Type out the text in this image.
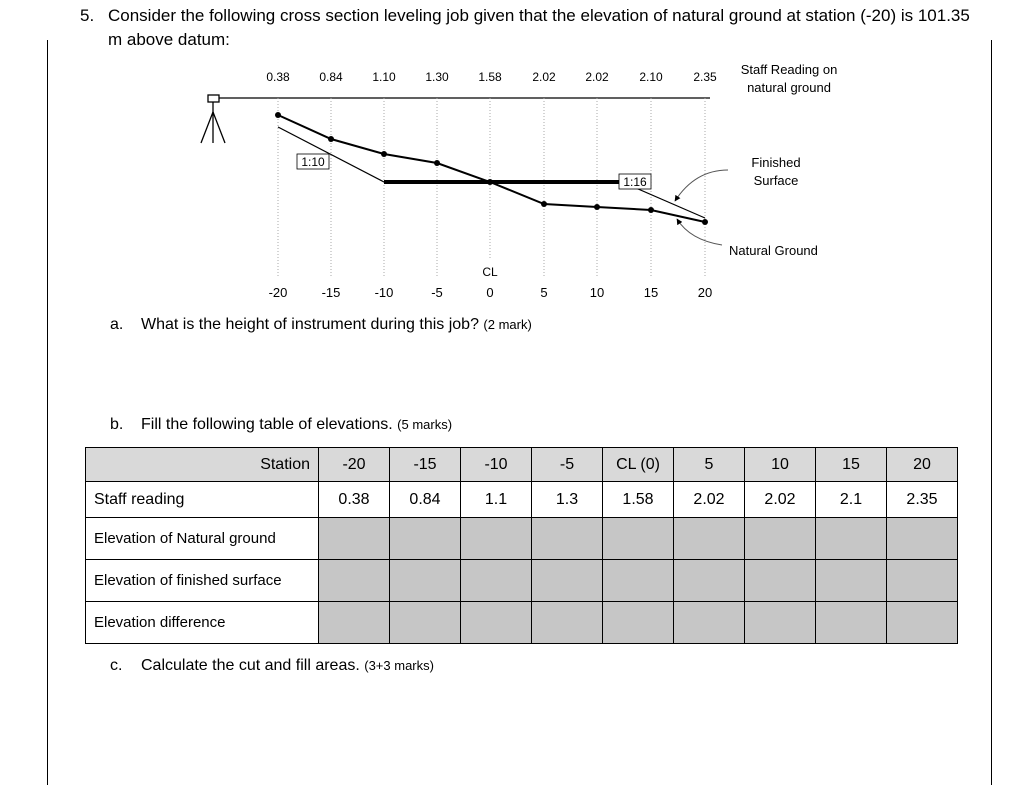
5. Consider the following cross section leveling job given that the elevation of natural ground at station (-20) is 101.35 m above datum:
0.38 0.84 1.10 1.30 1.58	2.02 2.02	2.10	2.35
-20	-15	-10	-5	0	5	10	15	20
CL
1:10
1:16
Staff Reading on
natural ground
Finished
Surface
Natural Ground
a. What is the height of instrument during this job? (2 mark)
b. Fill the following table of elevations. (5 marks)
Station	-20	-15	-10	-5	CL (0)	5	10	15	20
Staff reading	0.38	0.84	1.1	1.3	1.58	2.02	2.02	2.1	2.35
Elevation of Natural ground									
Elevation of finished surface									
Elevation difference									
c. Calculate the cut and fill areas. (3+3 marks)
